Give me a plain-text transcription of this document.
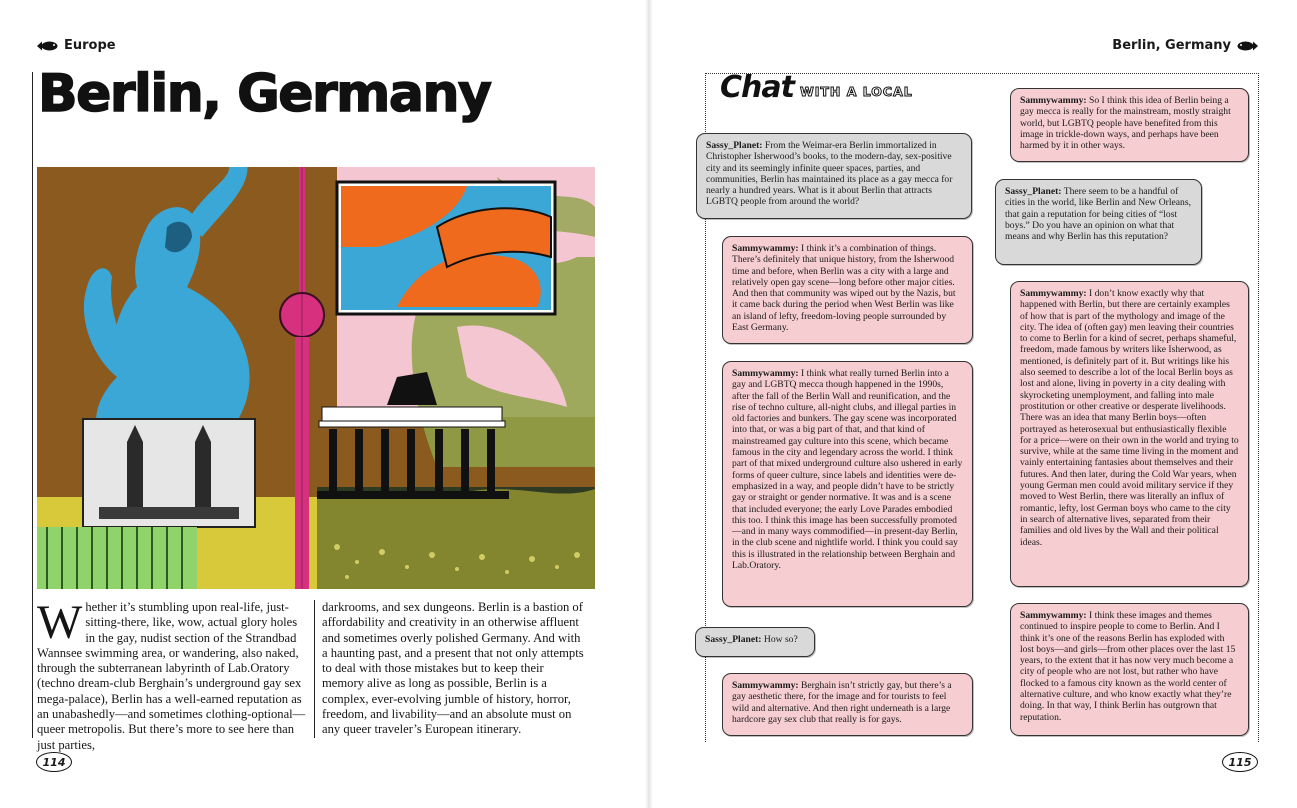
Europe
Berlin, Germany

Whether it’s stumbling upon real-life, just-sitting-there, like, wow, actual glory holes in the gay, nudist section of the Strandbad Wannsee swimming area, or wandering, also naked, through the subterranean labyrinth of Lab.Oratory (techno dream-club Berghain’s underground gay sex mega-palace), Berlin has a well-earned reputation as an unabashedly—and sometimes clothing-optional—queer metropolis. But there’s more to see here than just parties,

darkrooms, and sex dungeons. Berlin is a bastion of affordability and creativity in an otherwise affluent and sometimes overly polished Germany. And with a haunting past, and a present that not only attempts to deal with those mistakes but to keep their memory alive as long as possible, Berlin is a complex, ever-evolving jumble of history, horror, freedom, and livability—and an absolute must on any queer traveler’s European itinerary.

114
Berlin, Germany
Chat WITH A LOCAL
Sassy_Planet: From the Weimar-era Berlin immortalized in Christopher Isherwood’s books, to the modern-day, sex-positive city and its seemingly infinite queer spaces, parties, and communities, Berlin has maintained its place as a gay mecca for nearly a hundred years. What is it about Berlin that attracts LGBTQ people from around the world?
Sammywammy: I think it’s a combination of things. There’s definitely that unique history, from the Isherwood time and before, when Berlin was a city with a large and relatively open gay scene—long before other major cities. And then that community was wiped out by the Nazis, but it came back during the period when West Berlin was like an island of lefty, freedom-loving people surrounded by East Germany.
Sammywammy: I think what really turned Berlin into a gay and LGBTQ mecca though happened in the 1990s, after the fall of the Berlin Wall and reunification, and the rise of techno culture, all-night clubs, and illegal parties in old factories and bunkers. The gay scene was incorporated into that, or was a big part of that, and that kind of mainstreamed gay culture into this scene, which became famous in the city and legendary across the world. I think part of that mixed underground culture also ushered in early forms of queer culture, since labels and identities were de-emphasized in a way, and people didn’t have to be strictly gay or straight or gender normative. It was and is a scene that included everyone; the early Love Parades embodied this too. I think this image has been successfully promoted—and in many ways commodified—in present-day Berlin, in the club scene and nightlife world. I think you could say this is illustrated in the relationship between Berghain and Lab.Oratory.
Sassy_Planet: How so?
Sammywammy: Berghain isn’t strictly gay, but there’s a gay aesthetic there, for the image and for tourists to feel wild and alternative. And then right underneath is a large hardcore gay sex club that really is for gays.
Sammywammy: So I think this idea of Berlin being a gay mecca is really for the mainstream, mostly straight world, but LGBTQ people have benefited from this image in trickle-down ways, and perhaps have been harmed by it in other ways.
Sassy_Planet: There seem to be a handful of cities in the world, like Berlin and New Orleans, that gain a reputation for being cities of “lost boys.” Do you have an opinion on what that means and why Berlin has this reputation?
Sammywammy: I don’t know exactly why that happened with Berlin, but there are certainly examples of how that is part of the mythology and image of the city. The idea of (often gay) men leaving their countries to come to Berlin for a kind of secret, perhaps shameful, freedom, made famous by writers like Isherwood, as mentioned, is definitely part of it. But writings like his also seemed to describe a lot of the local Berlin boys as lost and alone, living in poverty in a city dealing with skyrocketing unemployment, and falling into male prostitution or other creative or desperate livelihoods. There was an idea that many Berlin boys—often portrayed as heterosexual but enthusiastically flexible for a price—were on their own in the world and trying to survive, while at the same time living in the moment and vainly entertaining fantasies about themselves and their futures. And then later, during the Cold War years, when young German men could avoid military service if they moved to West Berlin, there was literally an influx of romantic, lefty, lost German boys who came to the city in search of alternative lives, separated from their families and old lives by the Wall and their political ideas.
Sammywammy: I think these images and themes continued to inspire people to come to Berlin. And I think it’s one of the reasons Berlin has exploded with lost boys—and girls—from other places over the last 15 years, to the extent that it has now very much become a city of people who are not lost, but rather who have flocked to a famous city known as the world center of alternative culture, and who know exactly what they’re doing. In that way, I think Berlin has outgrown that reputation.
115
